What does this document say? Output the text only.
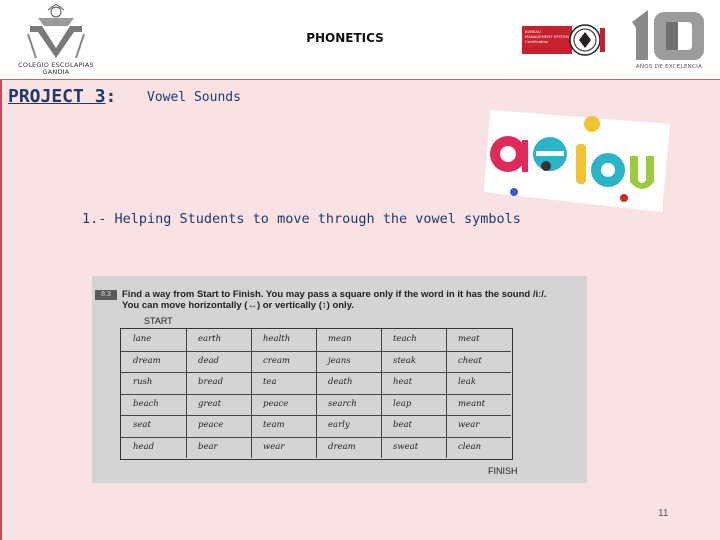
COLEGIO ESCOLAPIAS GANDIA
PHONETICS	BUREAU
MANAGEMENT SYSTEM
Certification
AÑOS DE EXCELENCIA
PROJECT 3: Vowel Sounds
1.- Helping Students to move through the vowel symbols
8.3	Find a way from Start to Finish. You may pass a square only if the word in it has the sound /iː/.
You can move horizontally (↔) or vertically (↕) only.
START
lane	earth	health	mean	teach	meat
dream	dead	cream	jeans	steak	cheat
rush	bread	tea	death	heat	leak
beach	great	peace	search	leap	meant
seat	peace	team	early	beat	wear
head	bear	wear	dream	sweat	clean
FINISH
11
